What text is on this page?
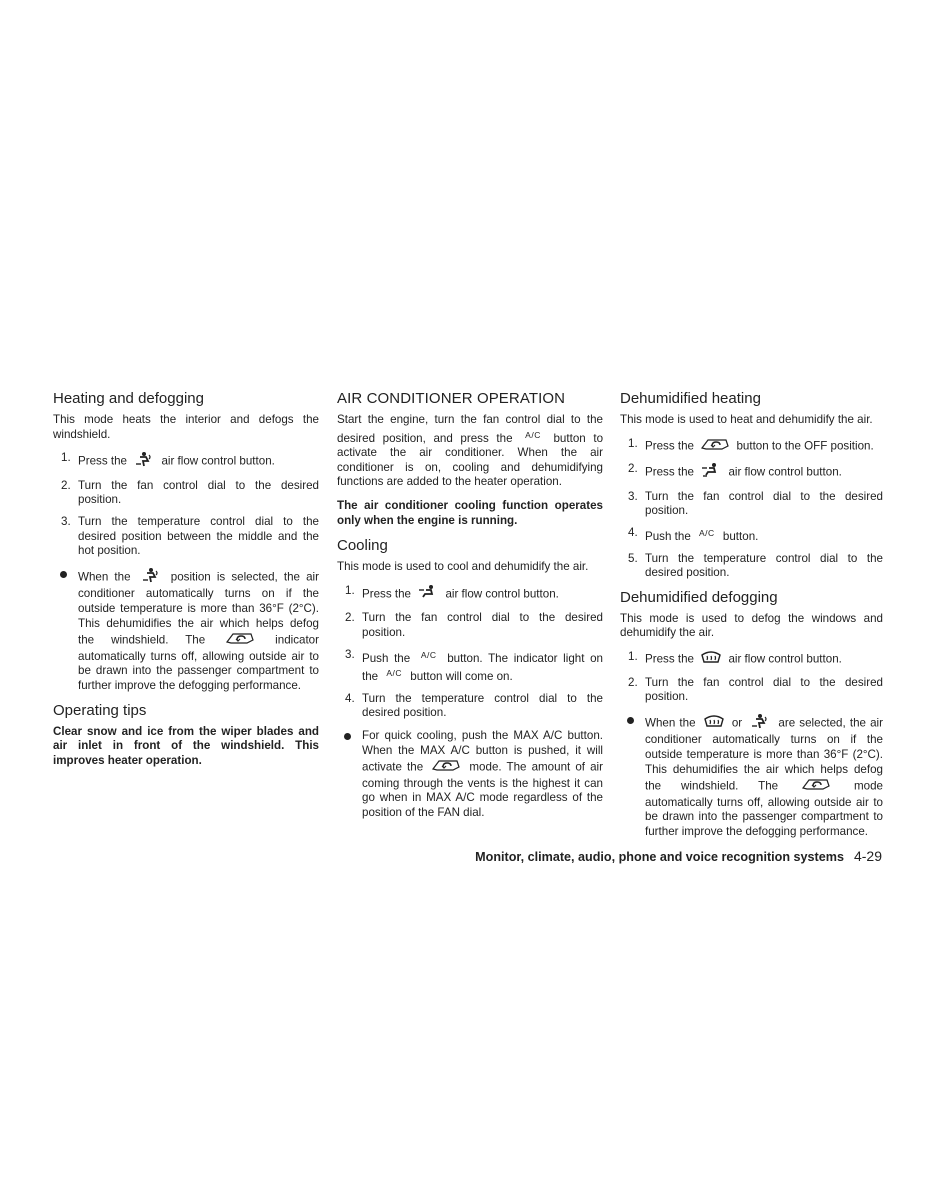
Heating and defogging

This mode heats the interior and defogs the windshield.

1. Press the	air flow control button.
2. Turn the fan control dial to the desired position.
3. Turn the temperature control dial to the desired position between the middle and the hot position.
When the	position is selected, the air conditioner automatically turns on if the outside temperature is more than 36°F (2°C). This dehumidifies the air which helps defog the windshield. The	indicator automatically turns off, allowing outside air to be drawn into the passenger compartment to further improve the defogging performance.
Operating tips

Clear snow and ice from the wiper blades and air inlet in front of the windshield. This improves heater operation.

AIR CONDITIONER OPERATION

Start the engine, turn the fan control dial to the desired position, and press the A/C button to activate the air conditioner. When the air conditioner is on, cooling and dehumidifying functions are added to the heater operation.

The air conditioner cooling function operates only when the engine is running.

Cooling

This mode is used to cool and dehumidify the air.

1. Press the	air flow control button.
2. Turn the fan control dial to the desired position.
3. Push the A/C button. The indicator light on the A/C button will come on.
4. Turn the temperature control dial to the desired position.
For quick cooling, push the MAX A/C button. When the MAX A/C button is pushed, it will activate the	mode. The amount of air coming through the vents is the highest it can go when in MAX A/C mode regardless of the position of the FAN dial.
Dehumidified heating

This mode is used to heat and dehumidify the air.

1. Press the	button to the OFF position.
2. Press the	air flow control button.
3. Turn the fan control dial to the desired position.
4. Push the A/C button.
5. Turn the temperature control dial to the desired position.
Dehumidified defogging

This mode is used to defog the windows and dehumidify the air.

1. Press the	air flow control button.
2. Turn the fan control dial to the desired position.
When the	or	are selected, the air conditioner automatically turns on if the outside temperature is more than 36°F (2°C). This dehumidifies the air which helps defog the windshield. The	mode automatically turns off, allowing outside air to be drawn into the passenger compartment to further improve the defogging performance.
Monitor, climate, audio, phone and voice recognition systems 4-29
